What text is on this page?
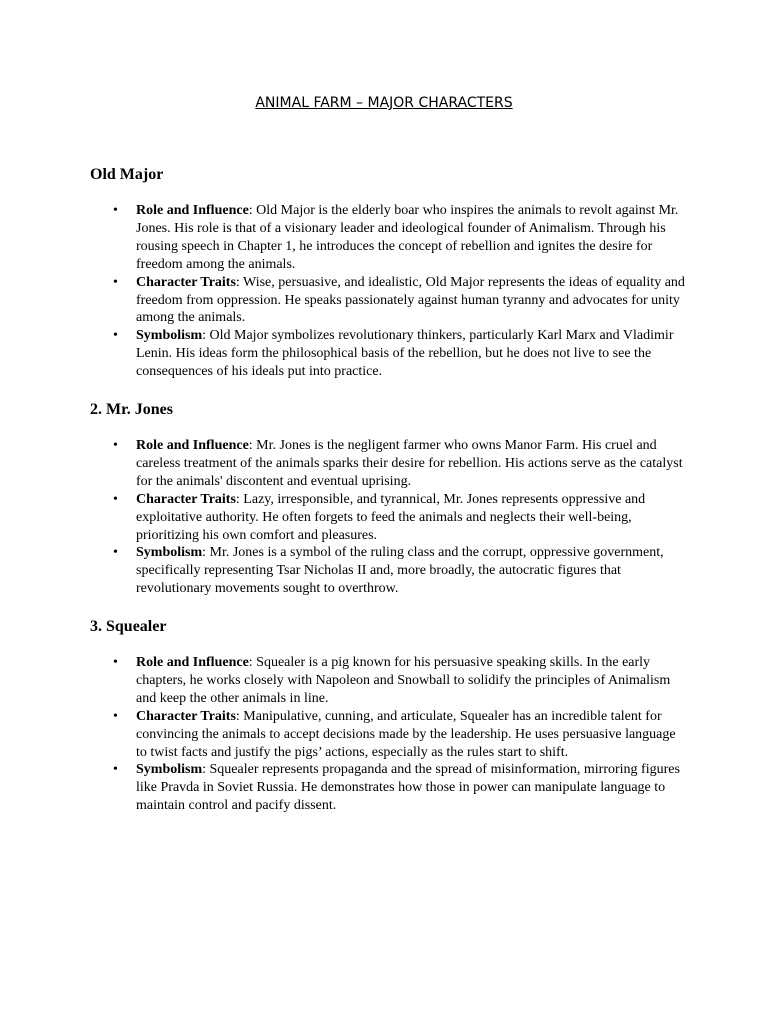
ANIMAL FARM – MAJOR CHARACTERS
Old Major
• Role and Influence: Old Major is the elderly boar who inspires the animals to revolt against Mr. Jones. His role is that of a visionary leader and ideological founder of Animalism. Through his rousing speech in Chapter 1, he introduces the concept of rebellion and ignites the desire for freedom among the animals.
• Character Traits: Wise, persuasive, and idealistic, Old Major represents the ideas of equality and freedom from oppression. He speaks passionately against human tyranny and advocates for unity among the animals.
• Symbolism: Old Major symbolizes revolutionary thinkers, particularly Karl Marx and Vladimir Lenin. His ideas form the philosophical basis of the rebellion, but he does not live to see the consequences of his ideals put into practice.
2. Mr. Jones
• Role and Influence: Mr. Jones is the negligent farmer who owns Manor Farm. His cruel and careless treatment of the animals sparks their desire for rebellion. His actions serve as the catalyst for the animals' discontent and eventual uprising.
• Character Traits: Lazy, irresponsible, and tyrannical, Mr. Jones represents oppressive and exploitative authority. He often forgets to feed the animals and neglects their well-being, prioritizing his own comfort and pleasures.
• Symbolism: Mr. Jones is a symbol of the ruling class and the corrupt, oppressive government, specifically representing Tsar Nicholas II and, more broadly, the autocratic figures that revolutionary movements sought to overthrow.
3. Squealer
• Role and Influence: Squealer is a pig known for his persuasive speaking skills. In the early chapters, he works closely with Napoleon and Snowball to solidify the principles of Animalism and keep the other animals in line.
• Character Traits: Manipulative, cunning, and articulate, Squealer has an incredible talent for convincing the animals to accept decisions made by the leadership. He uses persuasive language to twist facts and justify the pigs’ actions, especially as the rules start to shift.
• Symbolism: Squealer represents propaganda and the spread of misinformation, mirroring figures like Pravda in Soviet Russia. He demonstrates how those in power can manipulate language to maintain control and pacify dissent.
